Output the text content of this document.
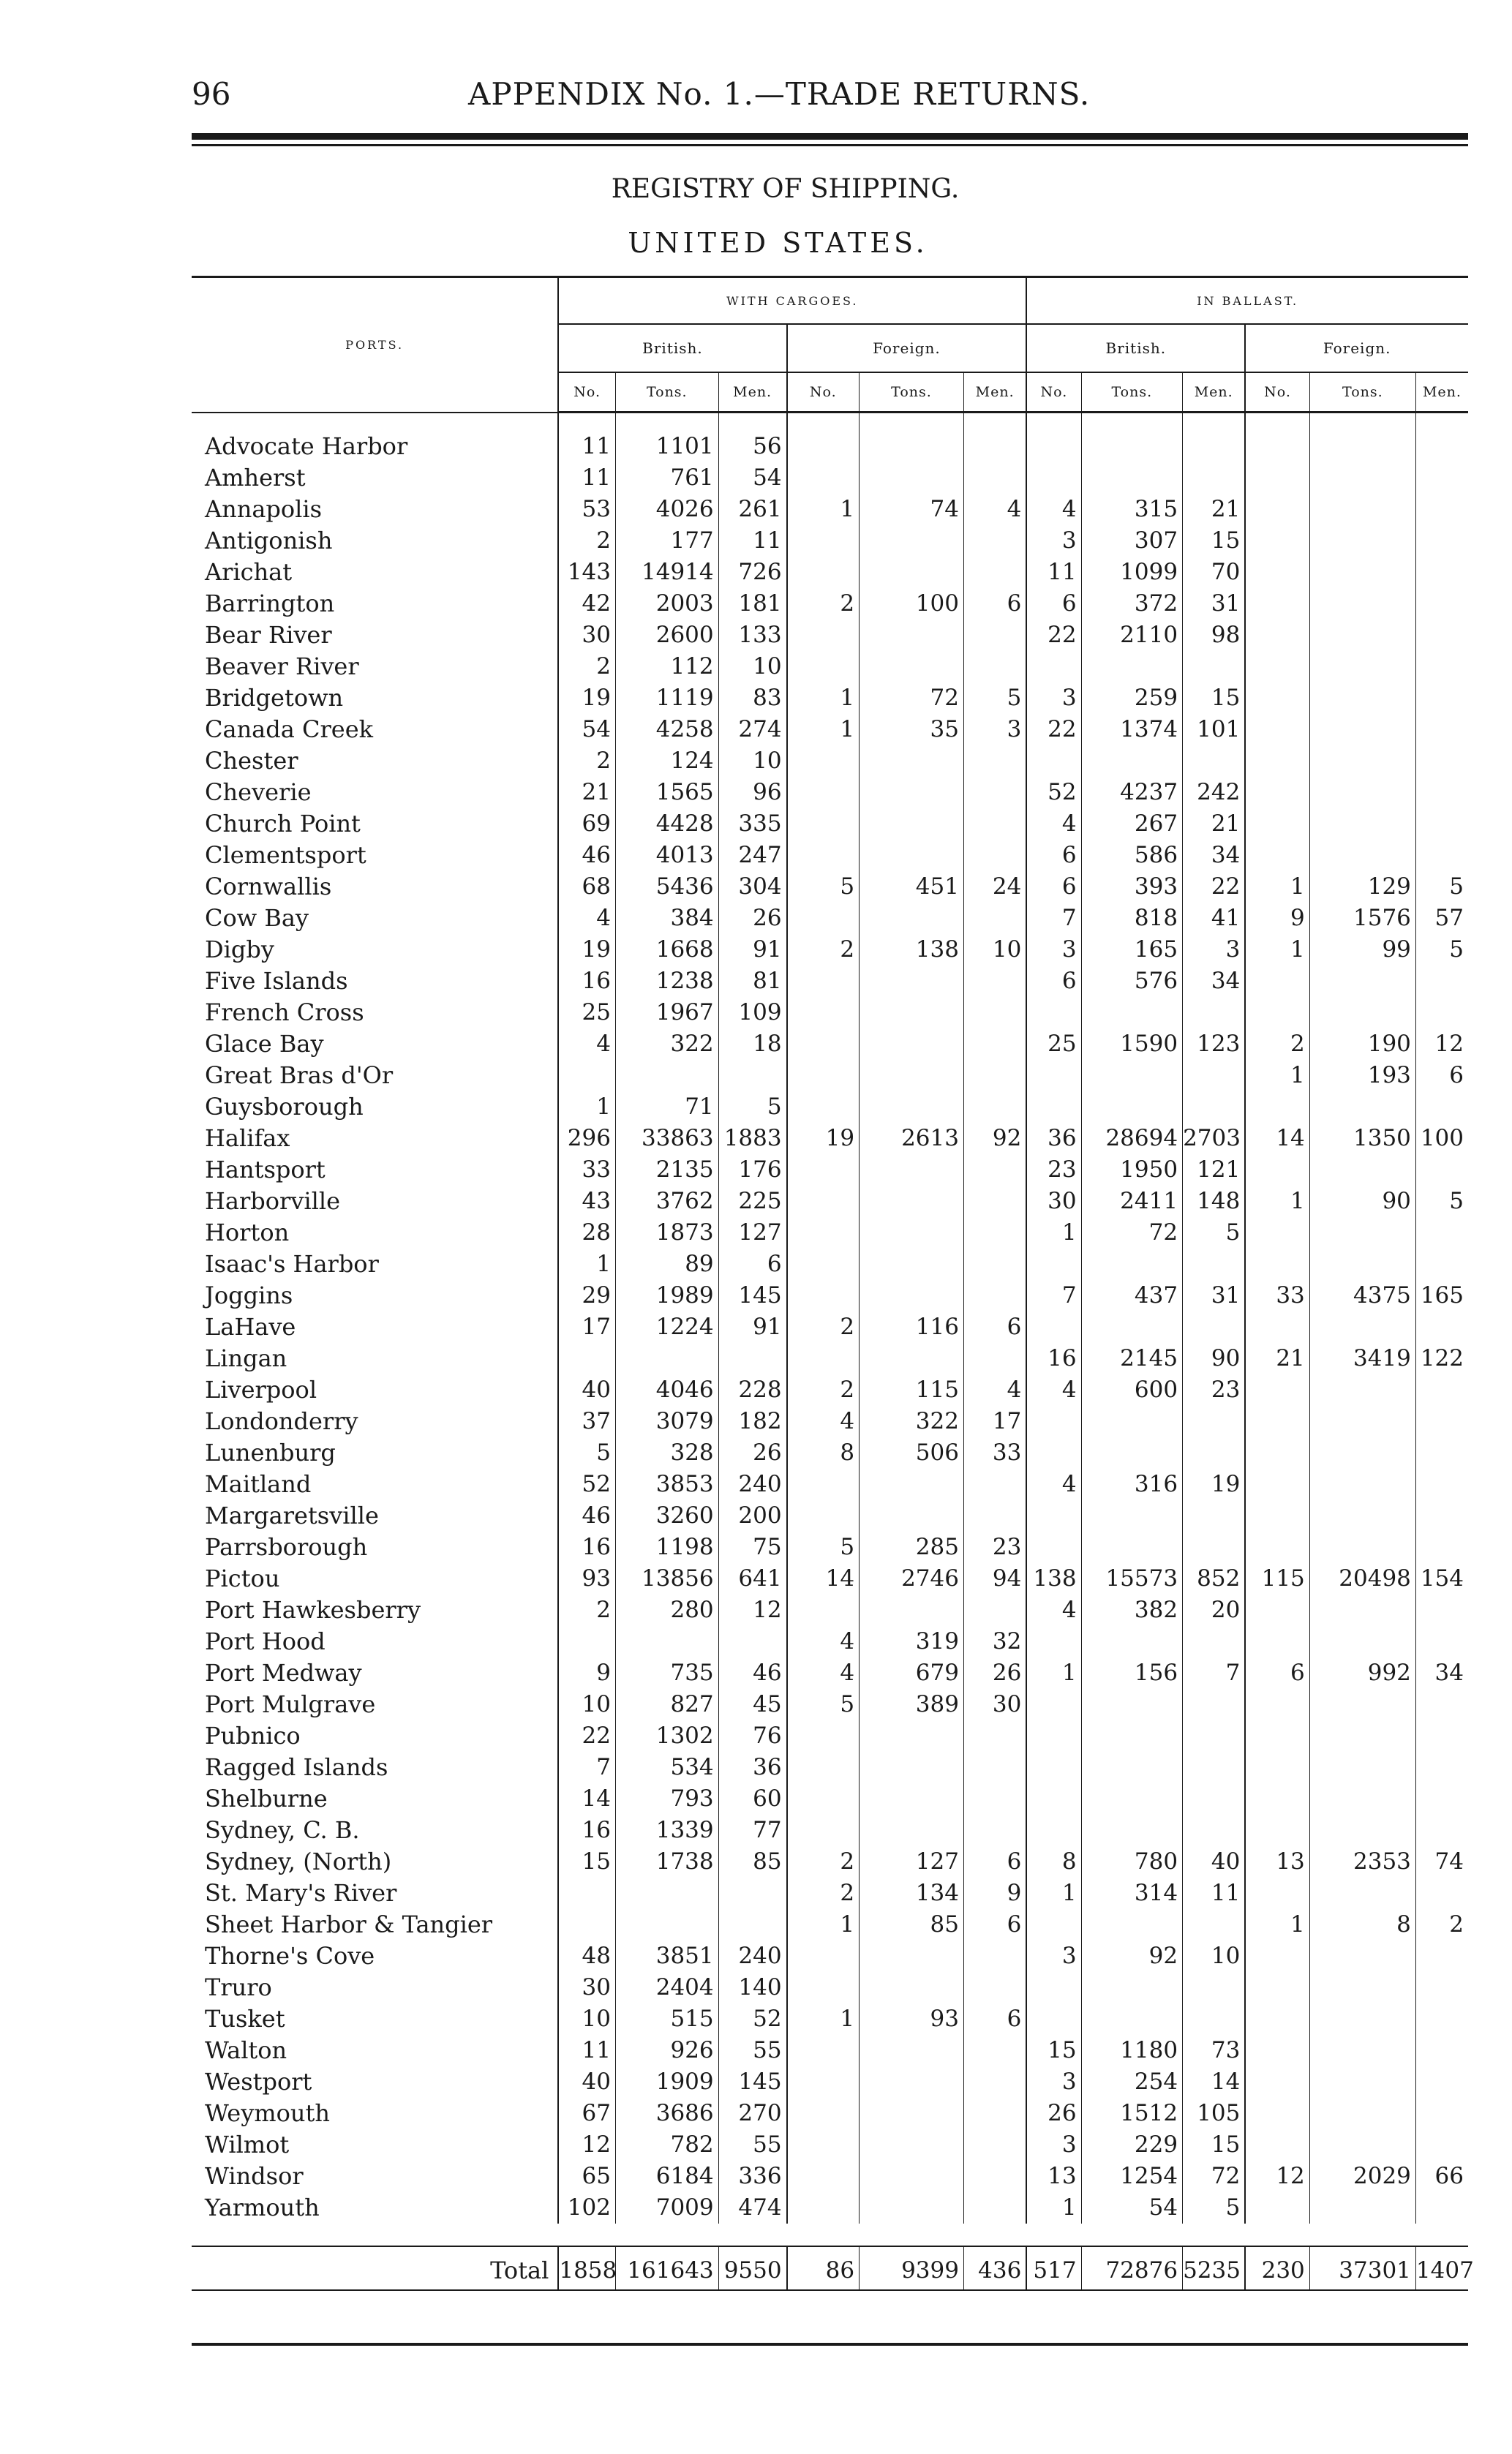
96	APPENDIX No. 1.—TRADE RETURNS.
REGISTRY OF SHIPPING.
UNITED STATES.
PORTS.	WITH CARGOES.						IN BALLAST.					
	British.			Foreign.			British.			Foreign.		
	No.	Tons.	Men.	No.	Tons.	Men.	No.	Tons.	Men.	No.	Tons.	Men.
Advocate Harbor	11	1101	56									
Amherst	11	761	54									
Annapolis	53	4026	261	1	74	4	4	315	21			
Antigonish	2	177	11				3	307	15			
Arichat	143	14914	726				11	1099	70			
Barrington	42	2003	181	2	100	6	6	372	31			
Bear River	30	2600	133				22	2110	98			
Beaver River	2	112	10									
Bridgetown	19	1119	83	1	72	5	3	259	15			
Canada Creek	54	4258	274	1	35	3	22	1374	101			
Chester	2	124	10									
Cheverie	21	1565	96				52	4237	242			
Church Point	69	4428	335				4	267	21			
Clementsport	46	4013	247				6	586	34			
Cornwallis	68	5436	304	5	451	24	6	393	22	1	129	5
Cow Bay	4	384	26				7	818	41	9	1576	57
Digby	19	1668	91	2	138	10	3	165	3	1	99	5
Five Islands	16	1238	81				6	576	34			
French Cross	25	1967	109									
Glace Bay	4	322	18				25	1590	123	2	190	12
Great Bras d'Or										1	193	6
Guysborough	1	71	5									
Halifax	296	33863	1883	19	2613	92	36	28694	2703	14	1350	100
Hantsport	33	2135	176				23	1950	121			
Harborville	43	3762	225				30	2411	148	1	90	5
Horton	28	1873	127				1	72	5			
Isaac's Harbor	1	89	6									
Joggins	29	1989	145				7	437	31	33	4375	165
LaHave	17	1224	91	2	116	6						
Lingan							16	2145	90	21	3419	122
Liverpool	40	4046	228	2	115	4	4	600	23			
Londonderry	37	3079	182	4	322	17						
Lunenburg	5	328	26	8	506	33						
Maitland	52	3853	240				4	316	19			
Margaretsville	46	3260	200									
Parrsborough	16	1198	75	5	285	23						
Pictou	93	13856	641	14	2746	94	138	15573	852	115	20498	154
Port Hawkesberry	2	280	12				4	382	20			
Port Hood				4	319	32						
Port Medway	9	735	46	4	679	26	1	156	7	6	992	34
Port Mulgrave	10	827	45	5	389	30						
Pubnico	22	1302	76									
Ragged Islands	7	534	36									
Shelburne	14	793	60									
Sydney, C. B.	16	1339	77									
Sydney, (North)	15	1738	85	2	127	6	8	780	40	13	2353	74
St. Mary's River				2	134	9	1	314	11			
Sheet Harbor & Tangier				1	85	6				1	8	2
Thorne's Cove	48	3851	240				3	92	10			
Truro	30	2404	140									
Tusket	10	515	52	1	93	6						
Walton	11	926	55				15	1180	73			
Westport	40	1909	145				3	254	14			
Weymouth	67	3686	270				26	1512	105			
Wilmot	12	782	55				3	229	15			
Windsor	65	6184	336				13	1254	72	12	2029	66
Yarmouth	102	7009	474				1	54	5			

Total	1858	161643	9550	86	9399	436	517	72876	5235	230	37301	1407
